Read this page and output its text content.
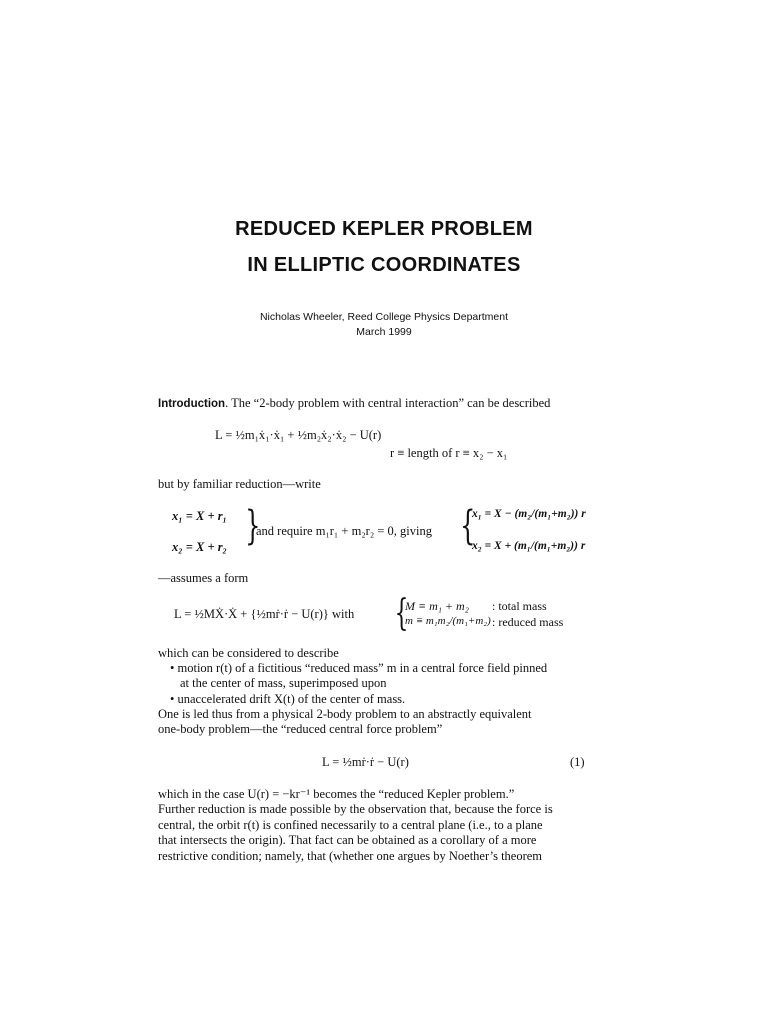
REDUCED KEPLER PROBLEM
IN ELLIPTIC COORDINATES
Nicholas Wheeler, Reed College Physics Department
March 1999
Introduction. The “2-body problem with central interaction” can be described
L = ½m₁ẋ₁·ẋ₁ + ½m₂ẋ₂·ẋ₂ − U(r)
r ≡ length of r ≡ x₂ − x₁
but by familiar reduction—write
x₁ = X + r₁
x₂ = X + r₂ }
and require m₁r₁ + m₂r₂ = 0, giving {
x₁ = X − (m₂/(m₁+m₂)) r
x₂ = X + (m₁/(m₁+m₂)) r
—assumes a form
L = ½MẊ·Ẋ + {½mṙ·ṙ − U(r)} with {
M ≡ m₁ + m₂ : total mass
m ≡ m₁m₂/(m₁+m₂) : reduced mass
which can be considered to describe
• motion r(t) of a fictitious “reduced mass” m in a central force field pinned
at the center of mass, superimposed upon
• unaccelerated drift X(t) of the center of mass.
One is led thus from a physical 2-body problem to an abstractly equivalent
one-body problem—the “reduced central force problem”
L = ½mṙ·ṙ − U(r)	(1)
which in the case U(r) = −kr⁻¹ becomes the “reduced Kepler problem.”
Further reduction is made possible by the observation that, because the force is
central, the orbit r(t) is confined necessarily to a central plane (i.e., to a plane
that intersects the origin). That fact can be obtained as a corollary of a more
restrictive condition; namely, that (whether one argues by Noether’s theorem
